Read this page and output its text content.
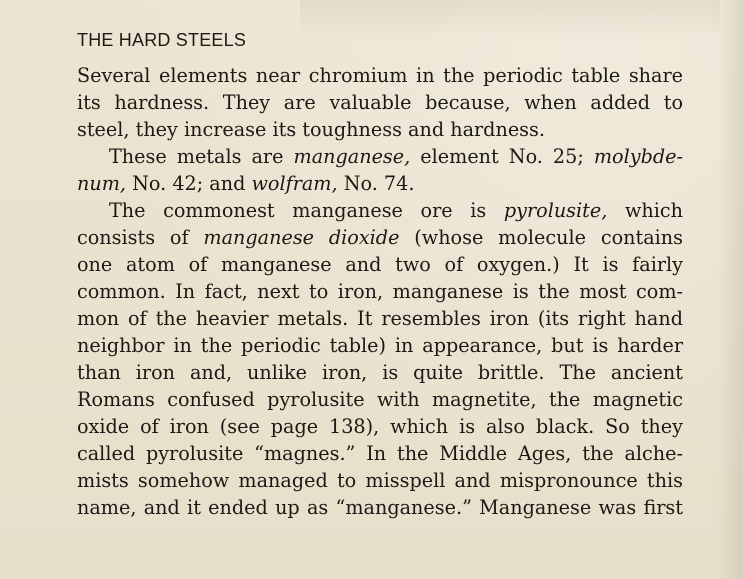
THE HARD STEELS
Several elements near chromium in the periodic table share
its hardness. They are valuable because, when added to
steel, they increase its toughness and hardness.
These metals are manganese, element No. 25; molybde-
num, No. 42; and wolfram, No. 74.
The commonest manganese ore is pyrolusite, which
consists of manganese dioxide (whose molecule contains
one atom of manganese and two of oxygen.) It is fairly
common. In fact, next to iron, manganese is the most com-
mon of the heavier metals. It resembles iron (its right hand
neighbor in the periodic table) in appearance, but is harder
than iron and, unlike iron, is quite brittle. The ancient
Romans confused pyrolusite with magnetite, the magnetic
oxide of iron (see page 138), which is also black. So they
called pyrolusite “magnes.” In the Middle Ages, the alche-
mists somehow managed to misspell and mispronounce this
name, and it ended up as “manganese.” Manganese was first
